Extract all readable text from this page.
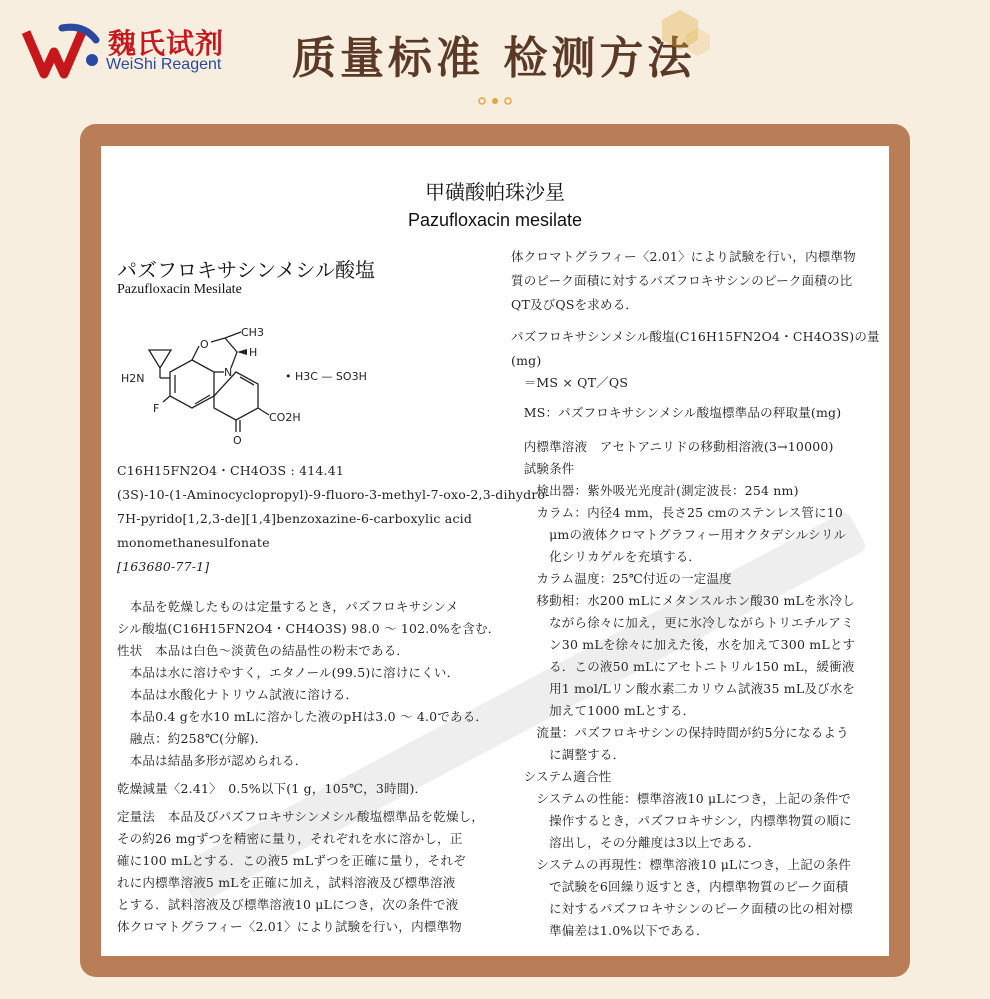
魏氏试剂
WeiShi Reagent 质量标准 检测方法
甲磺酸帕珠沙星
Pazufloxacin mesilate
パズフロキサシンメシル酸塩
Pazufloxacin Mesilate
CH3
H
O
N
H2N
F
CO2H
O
• H3C — SO3H
C16H15FN2O4・CH4O3S : 414.41
(3S)-10-(1-Aminocyclopropyl)-9-fluoro-3-methyl-7-oxo-2,3-dihydro-
7H-pyrido[1,2,3-de][1,4]benzoxazine-6-carboxylic acid
monomethanesulfonate
[163680-77-1]
　本品を乾燥したものは定量するとき，パズフロキサシンメ
シル酸塩(C16H15FN2O4・CH4O3S) 98.0 ～ 102.0%を含む．
性状　本品は白色～淡黄色の結晶性の粉末である．
　本品は水に溶けやすく，エタノール(99.5)に溶けにくい．
　本品は水酸化ナトリウム試液に溶ける．
　本品0.4 gを水10 mLに溶かした液のpHは3.0 ～ 4.0である．
　融点：約258℃(分解)．
　本品は結晶多形が認められる．
乾燥減量〈2.41〉　0.5%以下(1 g，105℃，3時間)．
定量法　本品及びパズフロキサシンメシル酸塩標準品を乾燥し，
その約26 mgずつを精密に量り，それぞれを水に溶かし，正
確に100 mLとする．この液5 mLずつを正確に量り，それぞ
れに内標準溶液5 mLを正確に加え，試料溶液及び標準溶液
とする．試料溶液及び標準溶液10 μLにつき，次の条件で液
体クロマトグラフィー〈2.01〉により試験を行い，内標準物
体クロマトグラフィー〈2.01〉により試験を行い，内標準物
質のピーク面積に対するパズフロキサシンのピーク面積の比
QT及びQSを求める．
パズフロキサシンメシル酸塩(C16H15FN2O4・CH4O3S)の量
(mg)
　＝MS × QT／QS
　MS：パズフロキサシンメシル酸塩標準品の秤取量(mg)
　内標準溶液　アセトアニリドの移動相溶液(3→10000)
　試験条件
　　検出器：紫外吸光光度計(測定波長：254 nm)
　　カラム：内径4 mm，長さ25 cmのステンレス管に10
　　　μmの液体クロマトグラフィー用オクタデシルシリル
　　　化シリカゲルを充填する．
　　カラム温度：25℃付近の一定温度
　　移動相：水200 mLにメタンスルホン酸30 mLを氷冷し
　　　ながら徐々に加え，更に氷冷しながらトリエチルアミ
　　　ン30 mLを徐々に加えた後，水を加えて300 mLとす
　　　る．この液50 mLにアセトニトリル150 mL，緩衝液
　　　用1 mol/Lリン酸水素二カリウム試液35 mL及び水を
　　　加えて1000 mLとする．
　　流量：パズフロキサシンの保持時間が約5分になるよう
　　　に調整する．
　システム適合性
　　システムの性能：標準溶液10 μLにつき，上記の条件で
　　　操作するとき，パズフロキサシン，内標準物質の順に
　　　溶出し，その分離度は3以上である．
　　システムの再現性：標準溶液10 μLにつき，上記の条件
　　　で試験を6回繰り返すとき，内標準物質のピーク面積
　　　に対するパズフロキサシンのピーク面積の比の相対標
　　　準偏差は1.0%以下である．
